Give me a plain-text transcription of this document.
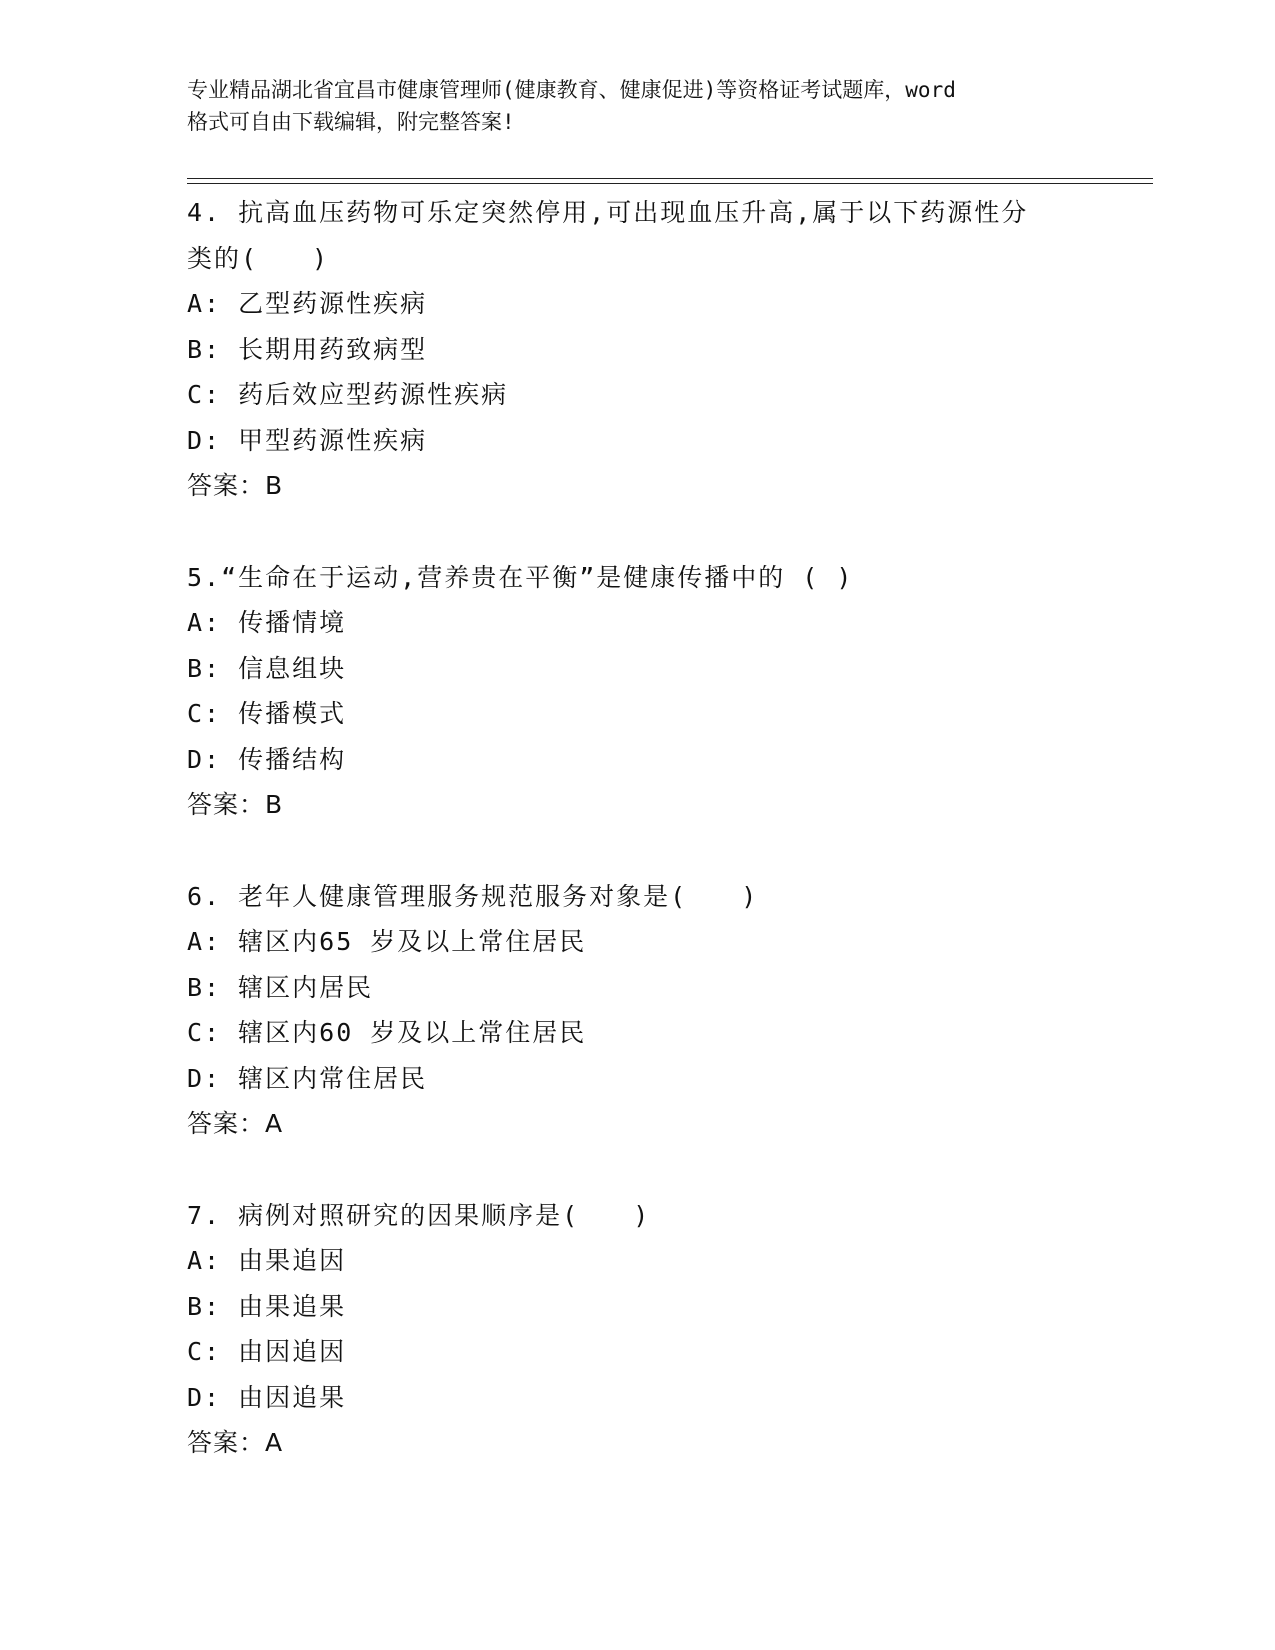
专业精品湖北省宜昌市健康管理师(健康教育、健康促进)等资格证考试题库，word
格式可自由下载编辑，附完整答案!
4. 抗高血压药物可乐定突然停用,可出现血压升高,属于以下药源性分
类的(　　)
A: 乙型药源性疾病
B: 长期用药致病型
C: 药后效应型药源性疾病
D: 甲型药源性疾病
答案：B
5.“生命在于运动,营养贵在平衡”是健康传播中的 ( )
A: 传播情境
B: 信息组块
C: 传播模式
D: 传播结构
答案：B
6. 老年人健康管理服务规范服务对象是(　　)
A: 辖区内65 岁及以上常住居民
B: 辖区内居民
C: 辖区内60 岁及以上常住居民
D: 辖区内常住居民
答案：A
7. 病例对照研究的因果顺序是(　　)
A: 由果追因
B: 由果追果
C: 由因追因
D: 由因追果
答案：A
